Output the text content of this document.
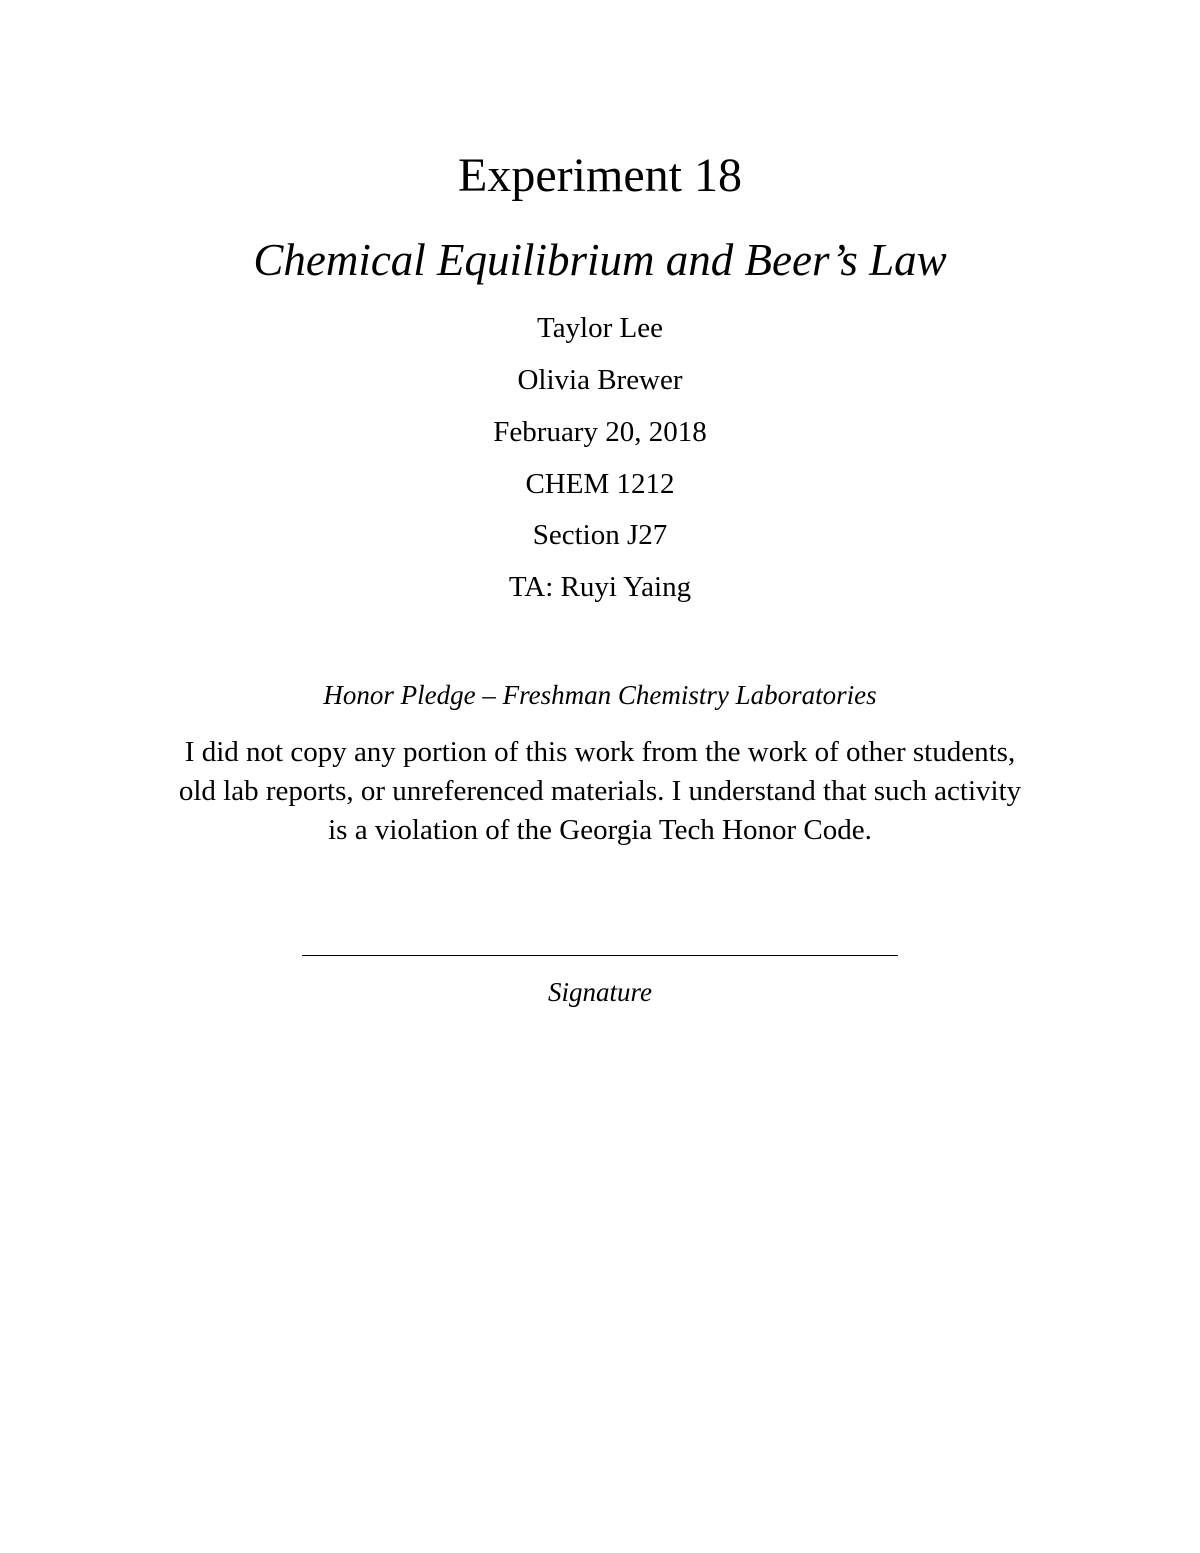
Experiment 18
Chemical Equilibrium and Beer’s Law
Taylor Lee
Olivia Brewer
February 20, 2018
CHEM 1212
Section J27
TA: Ruyi Yaing
Honor Pledge – Freshman Chemistry Laboratories
I did not copy any portion of this work from the work of other students,
old lab reports, or unreferenced materials. I understand that such activity
is a violation of the Georgia Tech Honor Code.
Signature
